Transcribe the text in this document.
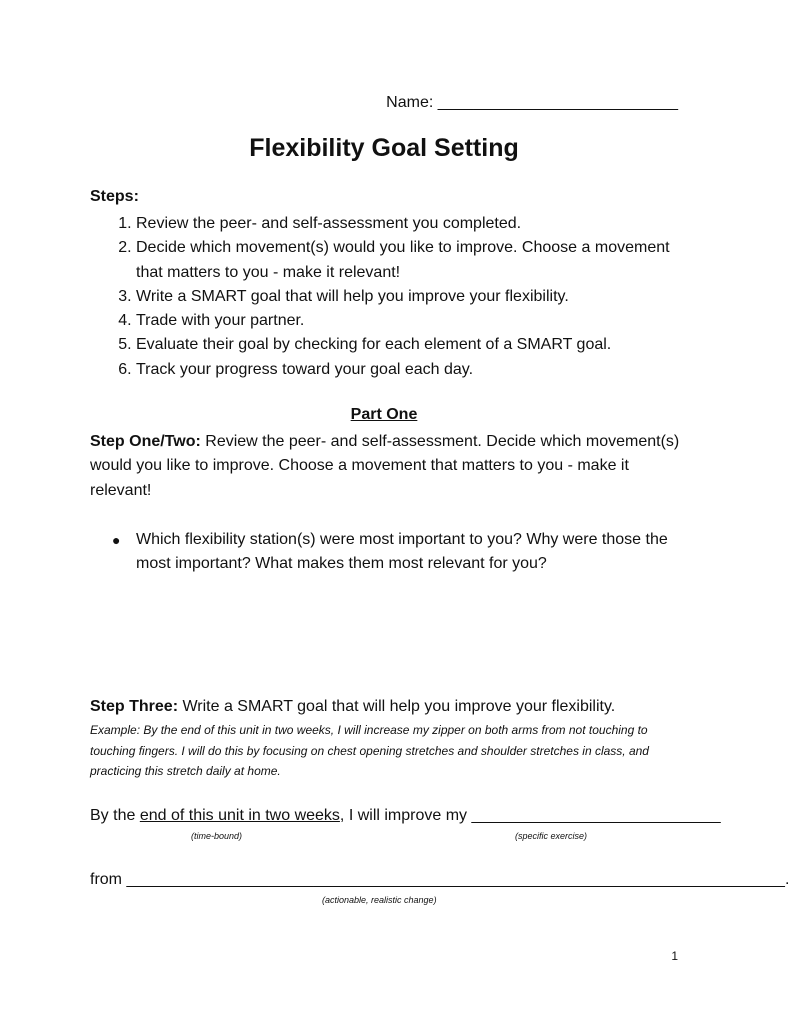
Name: ___________________________
Flexibility Goal Setting
Steps:
1. Review the peer- and self-assessment you completed.
2. Decide which movement(s) would you like to improve. Choose a movement that matters to you - make it relevant!
3. Write a SMART goal that will help you improve your flexibility.
4. Trade with your partner.
5. Evaluate their goal by checking for each element of a SMART goal.
6. Track your progress toward your goal each day.
Part One

Step One/Two: Review the peer- and self-assessment. Decide which movement(s) would you like to improve. Choose a movement that matters to you - make it relevant!

● Which flexibility station(s) were most important to you? Why were those the most important? What makes them most relevant for you?

Step Three: Write a SMART goal that will help you improve your flexibility.

Example: By the end of this unit in two weeks, I will increase my zipper on both arms from not touching to touching fingers. I will do this by focusing on chest opening stretches and shoulder stretches in class, and practicing this stretch daily at home.

By the end of this unit in two weeks, I will improve my ____________________________
(time-bound)	(specific exercise)
from __________________________________________________________________________.
(actionable, realistic change)
1
